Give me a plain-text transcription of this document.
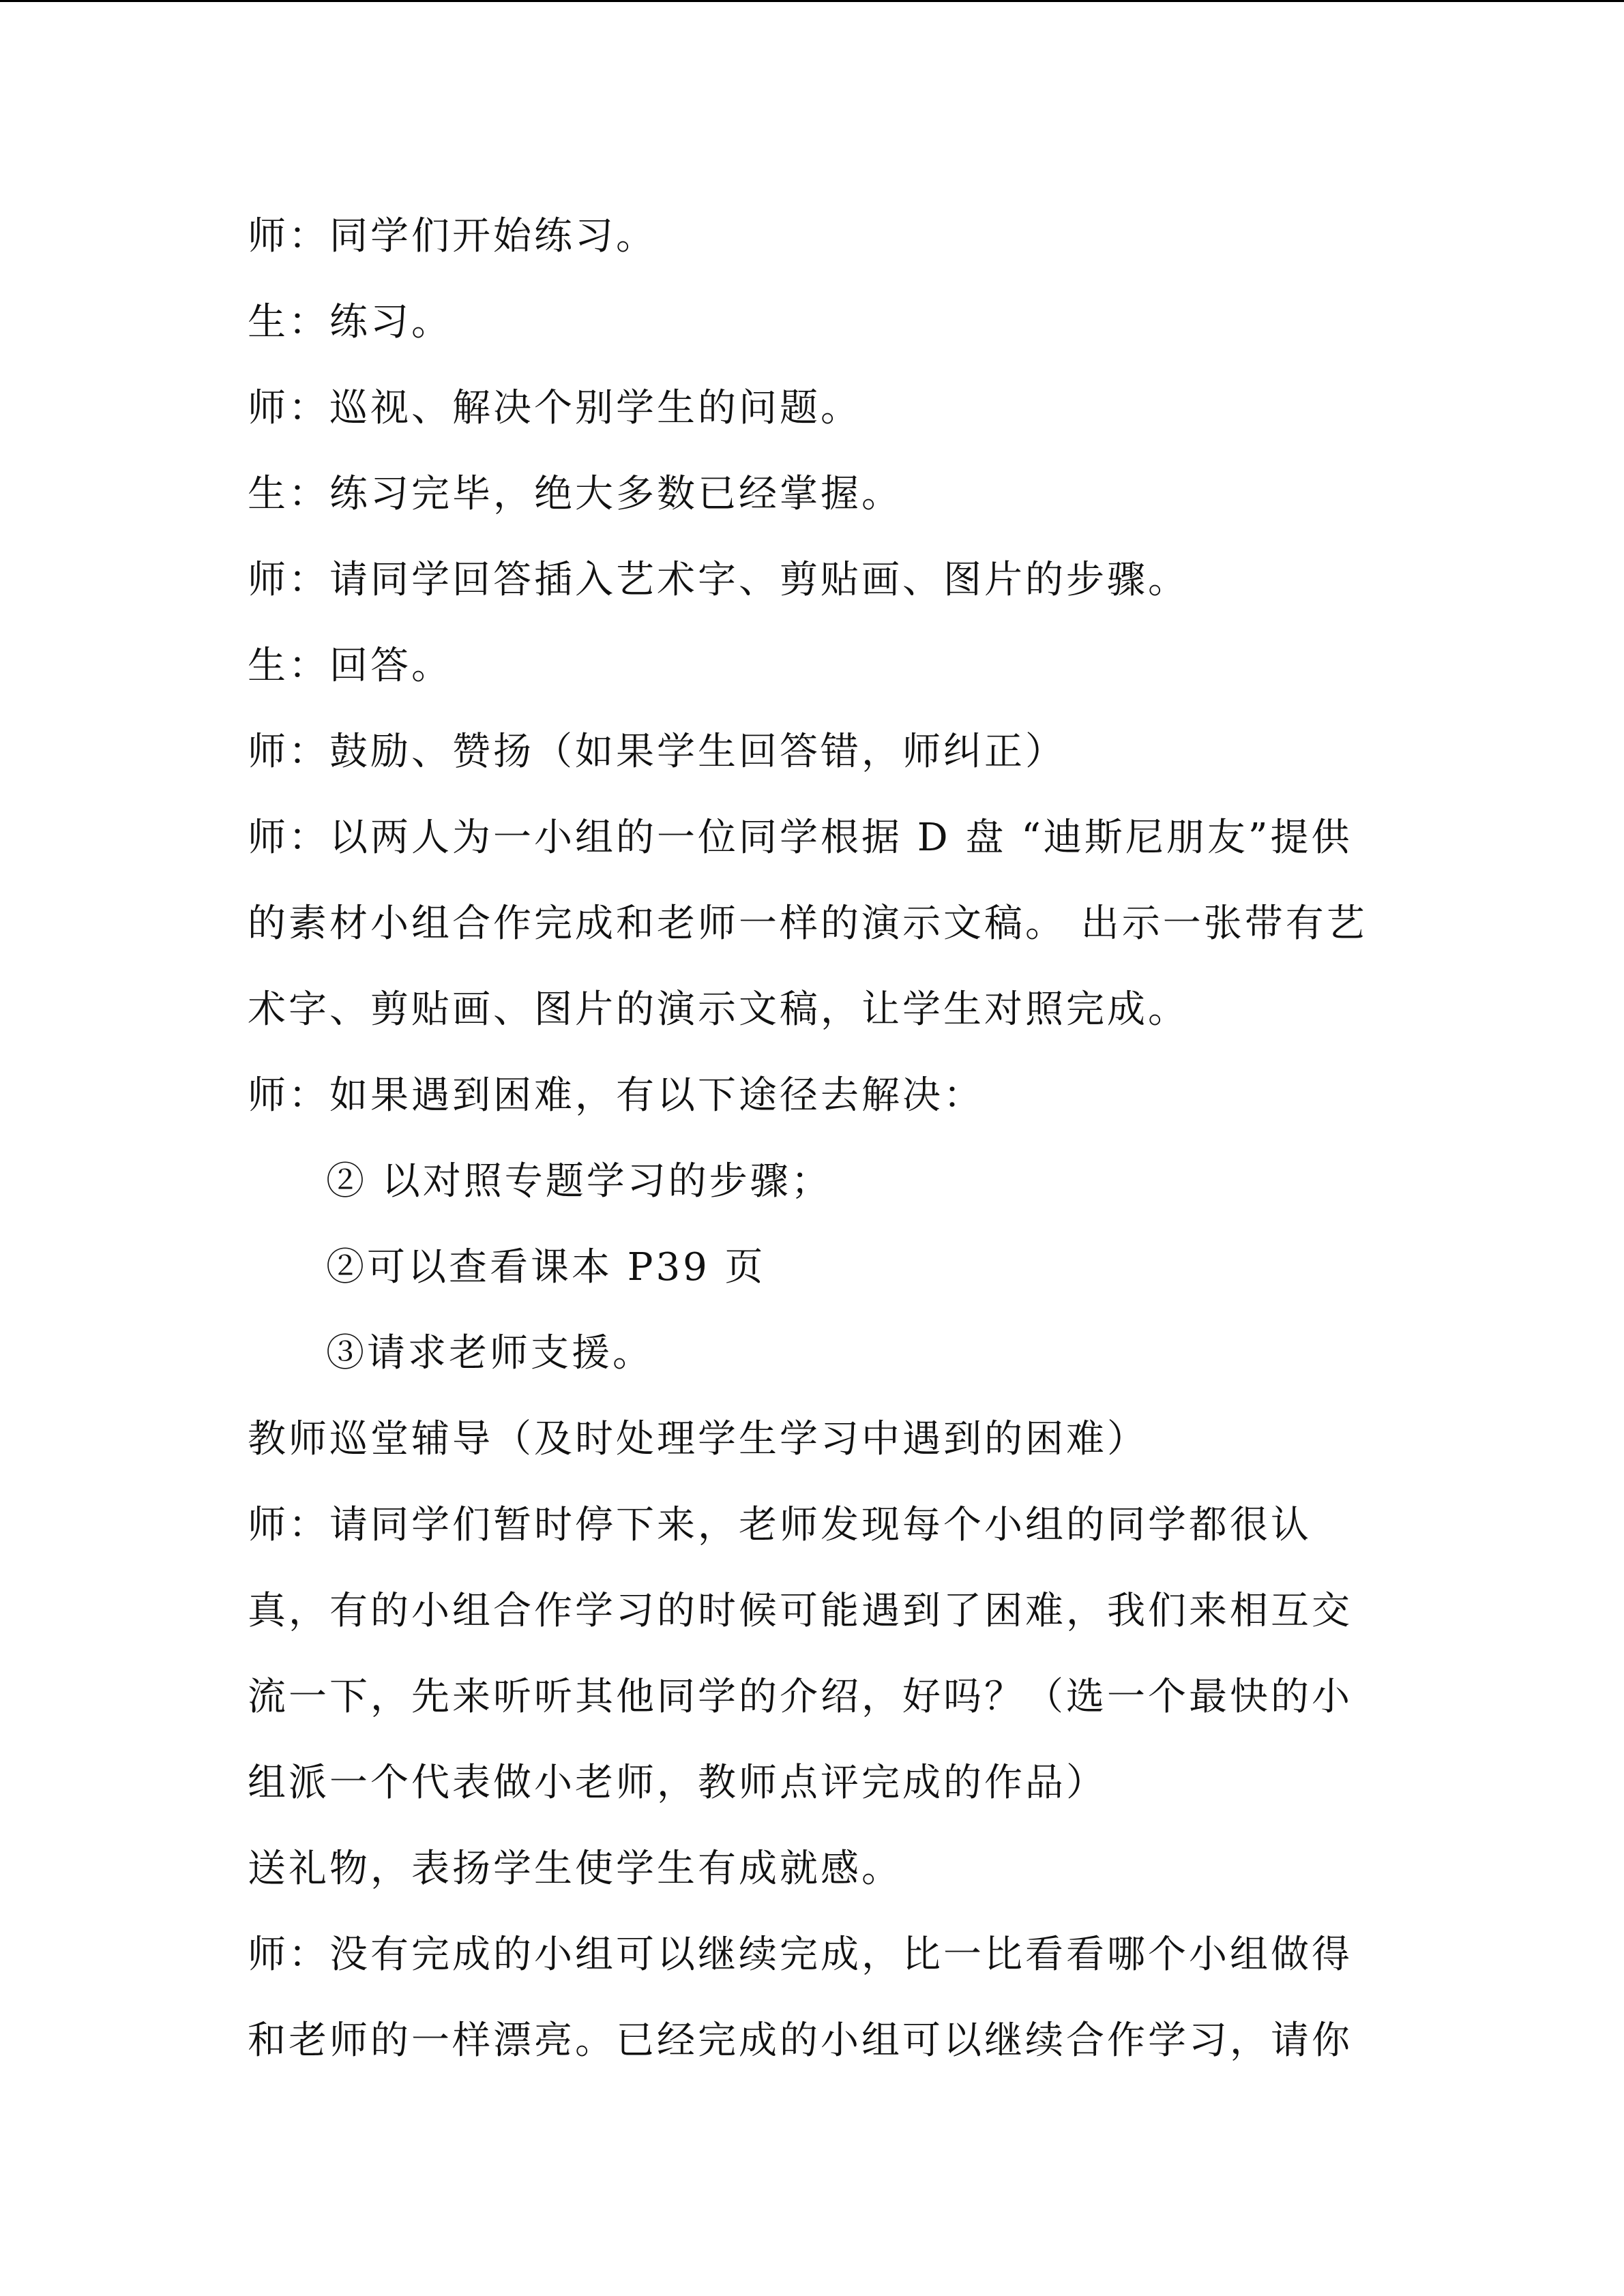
师：同学们开始练习。
生：练习。
师：巡视、解决个别学生的问题。
生：练习完毕，绝大多数已经掌握。
师：请同学回答插入艺术字、剪贴画、图片的步骤。
生：回答。
师：鼓励、赞扬（如果学生回答错，师纠正）
师：以两人为一小组的一位同学根据 D 盘 “迪斯尼朋友”提供
的素材小组合作完成和老师一样的演示文稿。 出示一张带有艺
术字、剪贴画、图片的演示文稿，让学生对照完成。
师：如果遇到困难，有以下途径去解决：
② 以对照专题学习的步骤；
②可以查看课本 P39 页
③请求老师支援。
教师巡堂辅导（及时处理学生学习中遇到的困难）
师：请同学们暂时停下来，老师发现每个小组的同学都很认
真，有的小组合作学习的时候可能遇到了困难，我们来相互交
流一下，先来听听其他同学的介绍，好吗？（选一个最快的小
组派一个代表做小老师，教师点评完成的作品）
送礼物，表扬学生使学生有成就感。
师：没有完成的小组可以继续完成，比一比看看哪个小组做得
和老师的一样漂亮。已经完成的小组可以继续合作学习，请你
